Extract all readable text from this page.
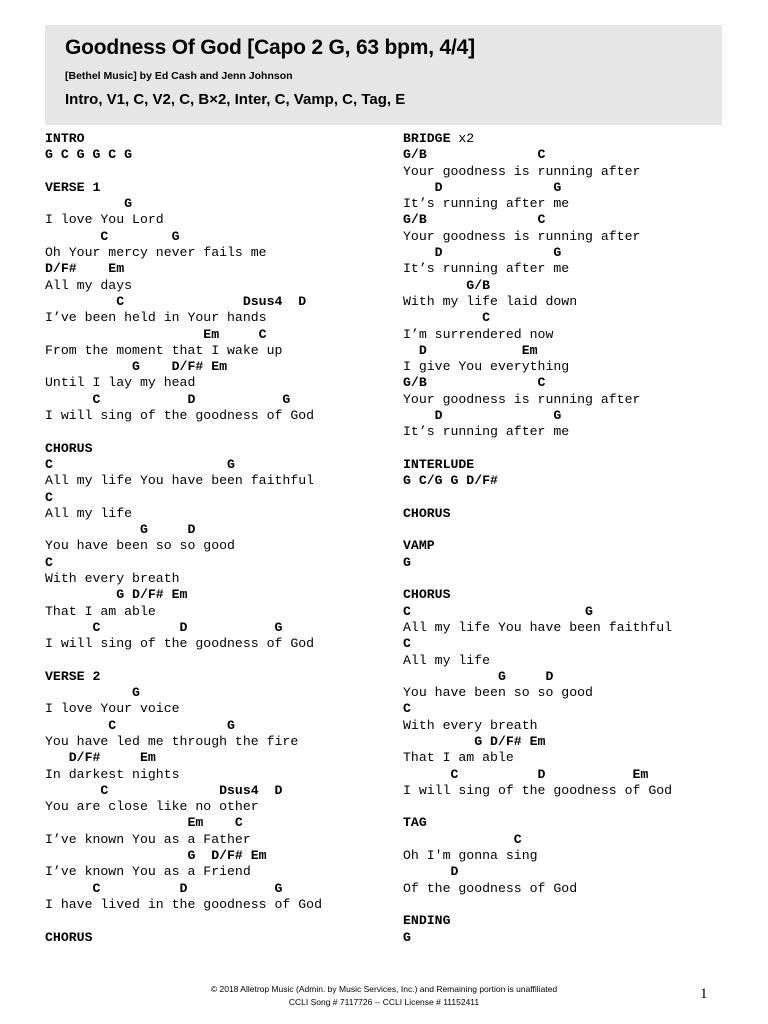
Goodness Of God [Capo 2 G, 63 bpm, 4/4]
[Bethel Music] by Ed Cash and Jenn Johnson
Intro, V1, C, V2, C, B×2, Inter, C, Vamp, C, Tag, E
INTRO
G C G G C G
VERSE 1
G
I love You Lord
C        G
Oh Your mercy never fails me
D/F#    Em
All my days
C               Dsus4  D
I’ve been held in Your hands
Em     C
From the moment that I wake up
G    D/F# Em
Until I lay my head
C           D           G
I will sing of the goodness of God
CHORUS
C                      G
All my life You have been faithful
C
All my life
G     D
You have been so so good
C
With every breath
G D/F# Em
That I am able
C          D           G
I will sing of the goodness of God
VERSE 2
G
I love Your voice
C              G
You have led me through the fire
D/F#     Em
In darkest nights
C              Dsus4  D
You are close like no other
Em    C
I’ve known You as a Father
G  D/F# Em
I’ve known You as a Friend
C          D           G
I have lived in the goodness of God
CHORUS
BRIDGE x2
G/B              C
Your goodness is running after
D              G
It’s running after me
G/B              C
Your goodness is running after
D              G
It’s running after me
G/B
With my life laid down
C
I’m surrendered now
D            Em
I give You everything
G/B              C
Your goodness is running after
D              G
It’s running after me
INTERLUDE
G C/G G D/F#
CHORUS
VAMP
G
CHORUS
C                      G
All my life You have been faithful
C
All my life
G     D
You have been so so good
C
With every breath
G D/F# Em
That I am able
C          D           Em
I will sing of the goodness of God
TAG
C
Oh I'm gonna sing
D
Of the goodness of God
ENDING
G
© 2018 Alletrop Music (Admin. by Music Services, Inc.) and Remaining portion is unaffiliated
CCLI Song # 7117726 -- CCLI License # 11152411	1
